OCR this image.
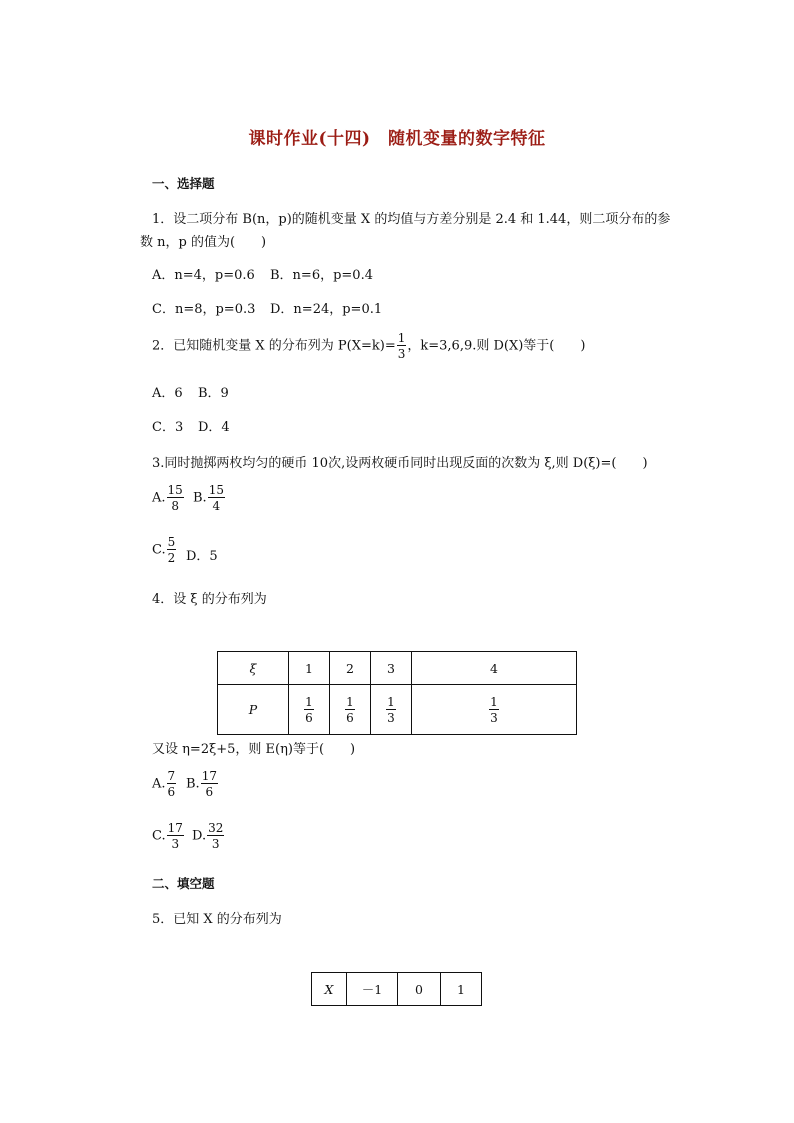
课时作业(十四)　随机变量的数字特征
一、选择题
1．设二项分布 B(n，p)的随机变量 X 的均值与方差分别是 2.4 和 1.44，则二项分布的参
数 n，p 的值为(　　)
A．n=4，p=0.6 B．n=6，p=0.4
C．n=8，p=0.3 D．n=24，p=0.1
2．已知随机变量 X 的分布列为 $P(X=k)= \frac{1}{3}$ ，k=3,6,9.则 D(X)等于(　　)
A．6 B．9
C．3 D．4
3.同时抛掷两枚均匀的硬币 10次,设两枚硬币同时出现反面的次数为 ξ,则 D(ξ)=(　　)
A. $\frac{15}{8} B$. $\frac{15}{4}$
C. $\frac{5}{2}$ D．5
4．设 ξ 的分布列为
ξ	1	2	3	4
P	$\frac{1}{6}$	$\frac{1}{6}$	$\frac{1}{3}$	$\frac{1}{3}$
又设 η=2ξ+5，则 E(η)等于(　　)
A. $\frac{7}{6} B$. $\frac{17}{6}$
C. $\frac{17}{3} D$. $\frac{32}{3}$
二、填空题
5．已知 X 的分布列为
X	－1	0	1
